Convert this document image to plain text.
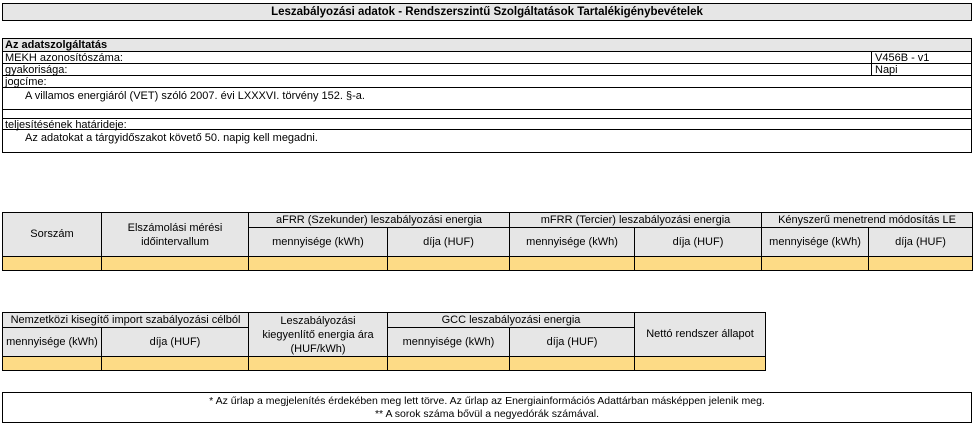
Leszabályozási adatok - Rendszerszintű Szolgáltatások Tartalékigénybevételek
Az adatszolgáltatás
MEKH azonosítószáma:	V456B - v1
gyakorisága:	Napi
jogcíme:
A villamos energiáról (VET) szóló 2007. évi LXXXVI. törvény 152. §-a.
teljesítésének határideje:
Az adatokat a tárgyidőszakot követő 50. napig kell megadni.
Sorszám	Elszámolási mérési időintervallum	aFRR (Szekunder) leszabályozási energia		mFRR (Tercier) leszabályozási energia		Kényszerű menetrend módosítás LE	
		mennyisége (kWh)	díja (HUF)	mennyisége (kWh)	díja (HUF)	mennyisége (kWh)	díja (HUF)

Nemzetközi kisegítő import szabályozási célból		Leszabályozási kiegyenlítő energia ára (HUF/kWh)	GCC leszabályozási energia		Nettó rendszer állapot
mennyisége (kWh)	díja (HUF)		mennyisége (kWh)	díja (HUF)	

* Az űrlap a megjelenítés érdekében meg lett törve. Az űrlap az Energiainformációs Adattárban másképpen jelenik meg.
** A sorok száma bővül a negyedórák számával.
